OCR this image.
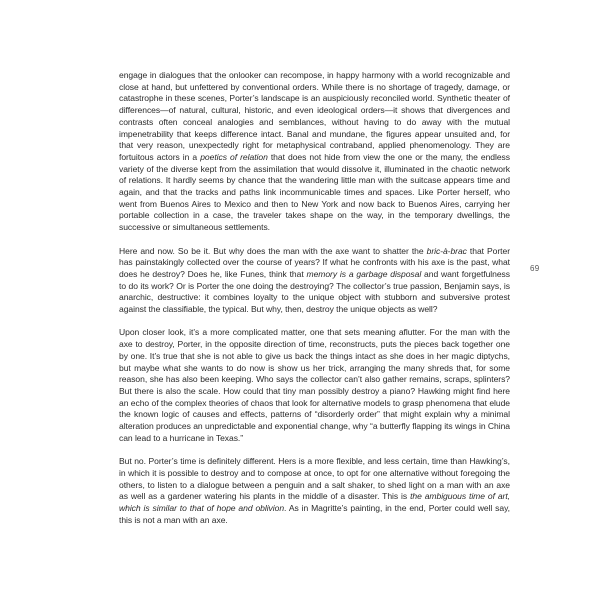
engage in dialogues that the onlooker can recompose, in happy harmony with a world recognizable and close at hand, but unfettered by conventional orders. While there is no shortage of tragedy, damage, or catastrophe in these scenes, Porter’s landscape is an auspiciously reconciled world. Synthetic theater of differences—of natural, cultural, historic, and even ideological orders—it shows that divergences and contrasts often conceal analogies and semblances, without having to do away with the mutual impenetrability that keeps difference intact. Banal and mundane, the figures appear unsuited and, for that very reason, unexpectedly right for metaphysical contraband, applied phenomenology. They are fortuitous actors in a poetics of relation that does not hide from view the one or the many, the endless variety of the diverse kept from the assimilation that would dissolve it, illuminated in the chaotic network of relations. It hardly seems by chance that the wandering little man with the suitcase appears time and again, and that the tracks and paths link incommunicable times and spaces. Like Porter herself, who went from Buenos Aires to Mexico and then to New York and now back to Buenos Aires, carrying her portable collection in a case, the traveler takes shape on the way, in the temporary dwellings, the successive or simultaneous settlements.

Here and now. So be it. But why does the man with the axe want to shatter the bric-à-brac that Porter has painstakingly collected over the course of years? If what he confronts with his axe is the past, what does he destroy? Does he, like Funes, think that memory is a garbage disposal and want forgetfulness to do its work? Or is Porter the one doing the destroying? The collector’s true passion, Benjamin says, is anarchic, destructive: it combines loyalty to the unique object with stubborn and subversive protest against the classifiable, the typical. But why, then, destroy the unique objects as well?

Upon closer look, it’s a more complicated matter, one that sets meaning aflutter. For the man with the axe to destroy, Porter, in the opposite direction of time, reconstructs, puts the pieces back together one by one. It’s true that she is not able to give us back the things intact as she does in her magic diptychs, but maybe what she wants to do now is show us her trick, arranging the many shreds that, for some reason, she has also been keeping. Who says the collector can’t also gather remains, scraps, splinters? But there is also the scale. How could that tiny man possibly destroy a piano? Hawking might find here an echo of the complex theories of chaos that look for alternative models to grasp phenomena that elude the known logic of causes and effects, patterns of “disorderly order” that might explain why a minimal alteration produces an unpredictable and exponential change, why “a butterfly flapping its wings in China can lead to a hurricane in Texas.”

But no. Porter’s time is definitely different. Hers is a more flexible, and less certain, time than Hawking’s, in which it is possible to destroy and to compose at once, to opt for one alternative without foregoing the others, to listen to a dialogue between a penguin and a salt shaker, to shed light on a man with an axe as well as a gardener watering his plants in the middle of a disaster. This is the ambiguous time of art, which is similar to that of hope and oblivion. As in Magritte’s painting, in the end, Porter could well say, this is not a man with an axe.

69
